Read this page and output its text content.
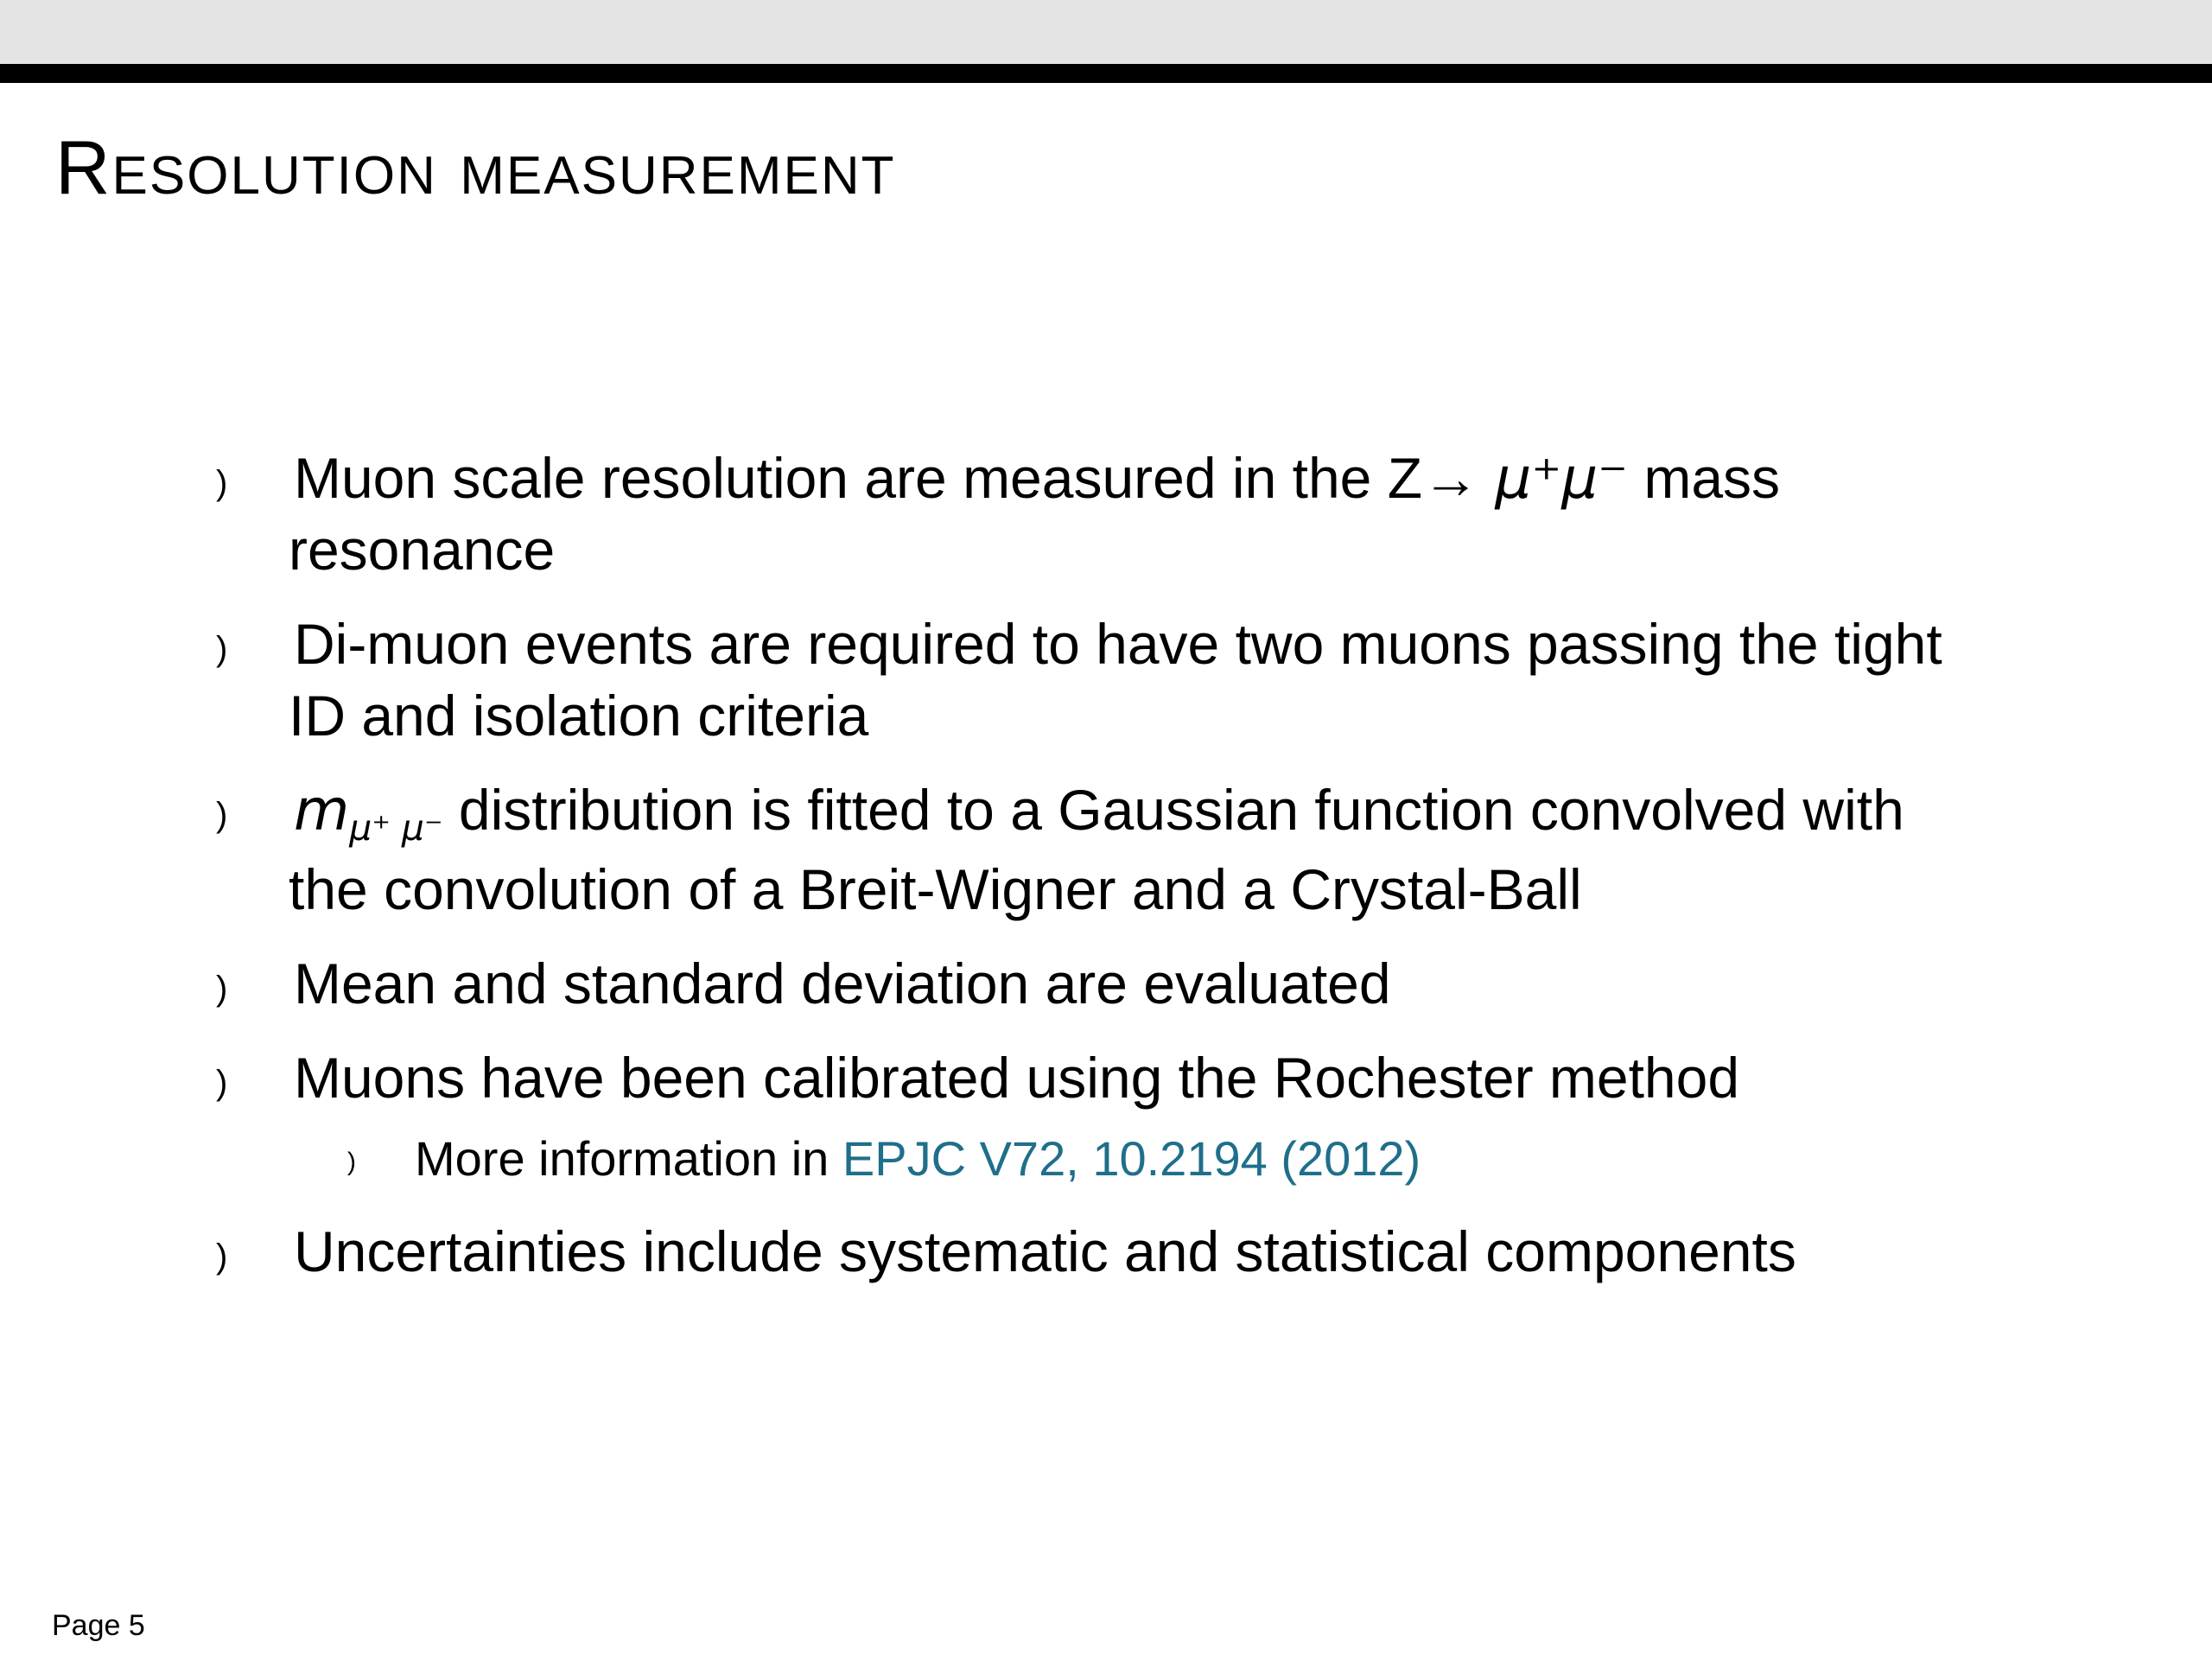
Resolution measurement
)	Muon scale resolution are measured in the Z→ μ⁺μ⁻ mass
resonance
)	Di-muon events are required to have two muons passing the tight
ID and isolation criteria
)	mμ⁺ μ⁻ distribution is fitted to a Gaussian function convolved with
the convolution of a Breit-Wigner and a Crystal-Ball
)	Mean and standard deviation are evaluated
)	Muons have been calibrated using the Rochester method
) More information in EPJC V72, 10.2194 (2012)
)	Uncertainties include systematic and statistical components
Page 5
